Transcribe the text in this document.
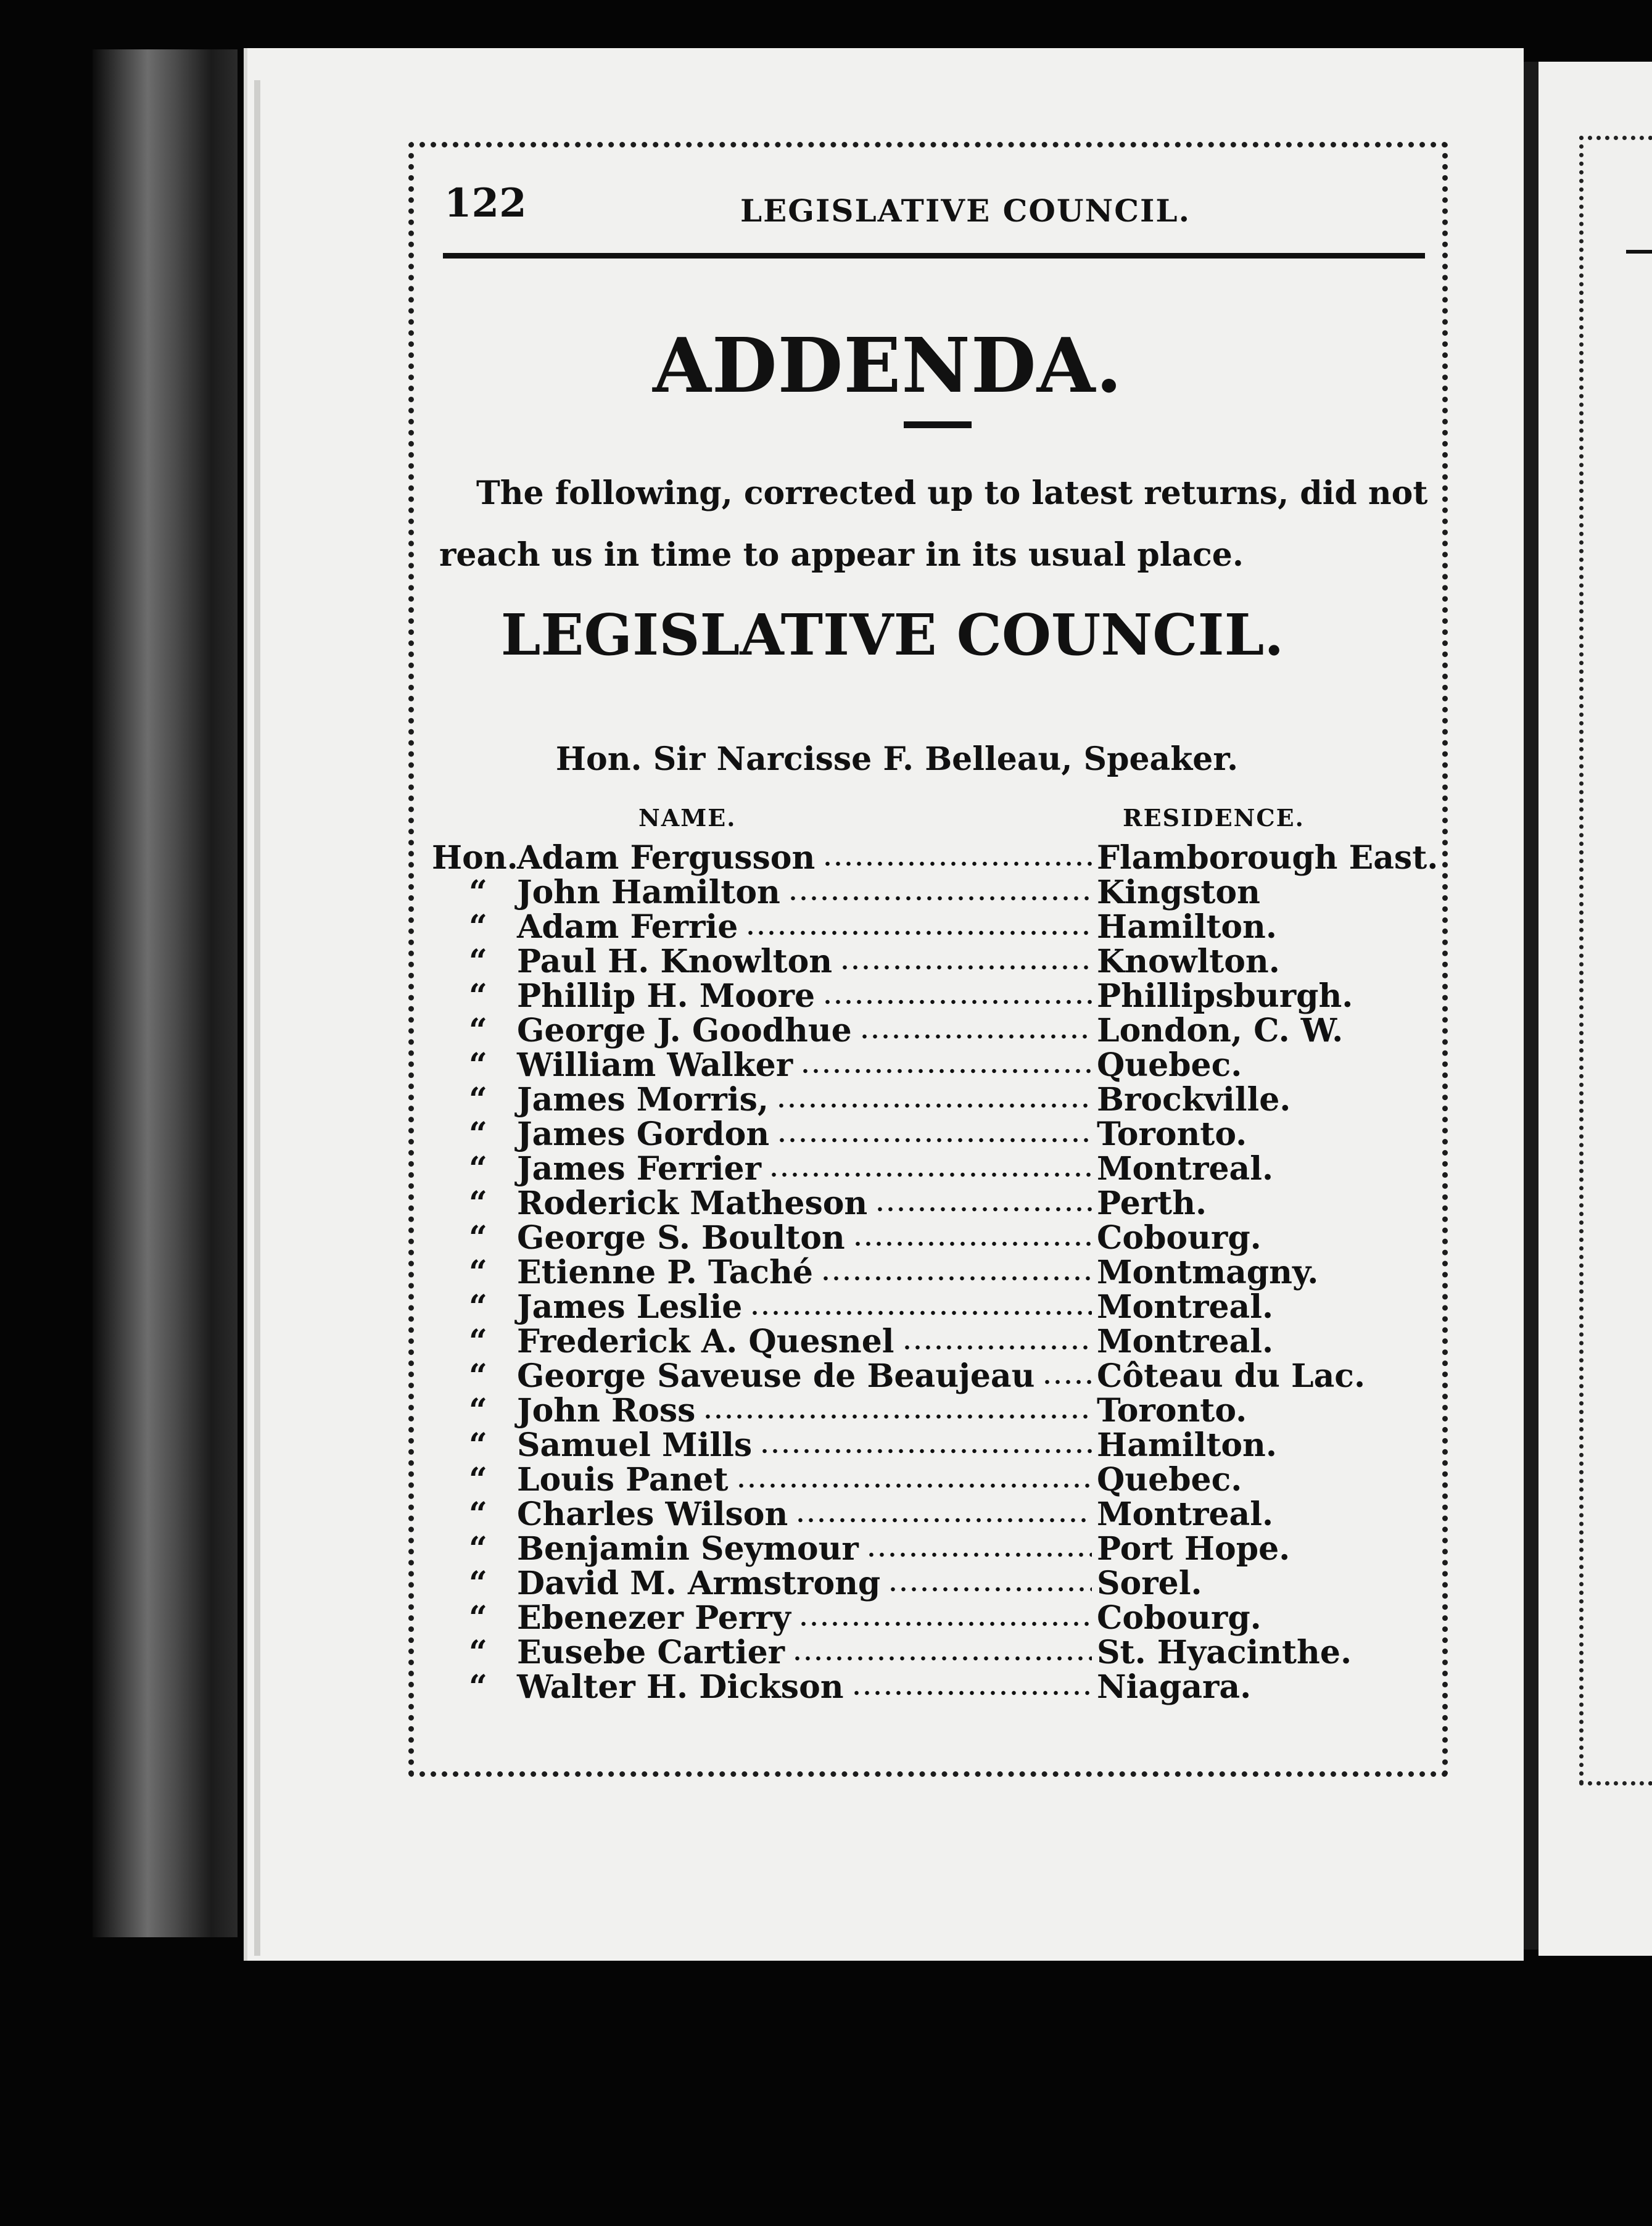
122	LEGISLATIVE COUNCIL.
ADDENDA.
The following, corrected up to latest returns, did not reach us in time to appear in its usual place.
LEGISLATIVE COUNCIL.
Hon. Sir Narcisse F. Belleau, Speaker.
NAME.	RESIDENCE.
Hon.
Adam Fergusson	Flamborough East.
“ John Hamilton	Kingston
“ Adam Ferrie	Hamilton.
“ Paul H. Knowlton	Knowlton.
“ Phillip H. Moore	Phillipsburgh.
“ George J. Goodhue	London, C. W.
“ William Walker	Quebec.
“ James Morris,	Brockville.
“ James Gordon	Toronto.
“ James Ferrier	Montreal.
“ Roderick Matheson	Perth.
“ George S. Boulton	Cobourg.
“ Etienne P. Taché	Montmagny.
“ James Leslie	Montreal.
“ Frederick A. Quesnel	Montreal.
“ George Saveuse de Beaujeau Côteau du Lac.
“ John Ross	Toronto.
“ Samuel Mills	Hamilton.
“ Louis Panet	Quebec.
“ Charles Wilson	Montreal.
“ Benjamin Seymour	Port Hope.
“ David M. Armstrong	Sorel.
“ Ebenezer Perry	Cobourg.
“ Eusebe Cartier	St. Hyacinthe.
“ Walter H. Dickson	Niagara.
